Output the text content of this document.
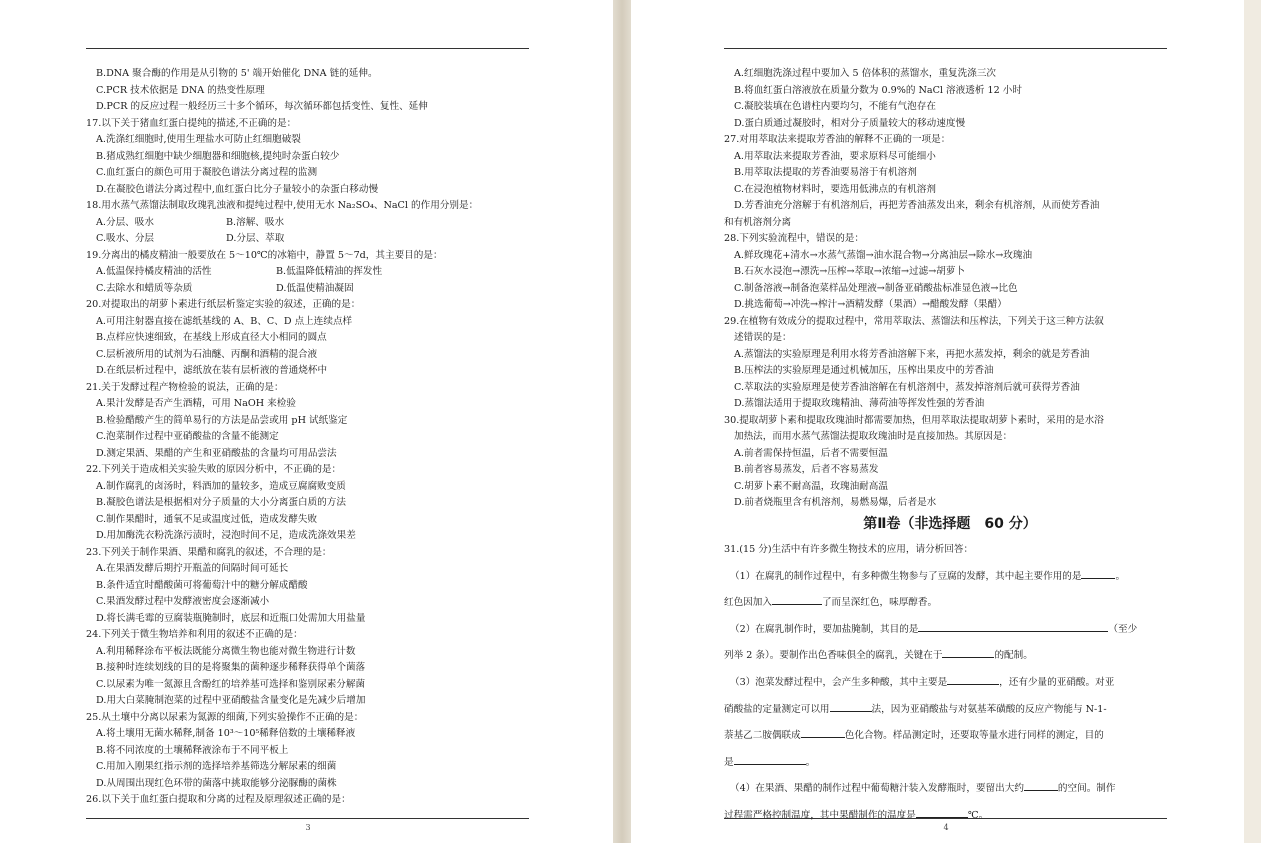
B.DNA 聚合酶的作用是从引物的 5' 端开始催化 DNA 链的延伸。
C.PCR 技术依据是 DNA 的热变性原理
D.PCR 的反应过程一般经历三十多个循环，每次循环都包括变性、复性、延伸
17.以下关于猪血红蛋白提纯的描述,不正确的是：
A.洗涤红细胞时,使用生理盐水可防止红细胞破裂
B.猪成熟红细胞中缺少细胞器和细胞核,提纯时杂蛋白较少
C.血红蛋白的颜色可用于凝胶色谱法分离过程的监测
D.在凝胶色谱法分离过程中,血红蛋白比分子量较小的杂蛋白移动慢
18.用水蒸气蒸馏法制取玫瑰乳浊液和提纯过程中,使用无水 Na₂SO₄、NaCl 的作用分别是：
A.分层、吸水	B.溶解、吸水
C.吸水、分层	D.分层、萃取
19.分离出的橘皮精油一般要放在 5～10℃的冰箱中，静置 5～7d，其主要目的是：
A.低温保持橘皮精油的活性	B.低温降低精油的挥发性
C.去除水和蜡质等杂质	D.低温使精油凝固
20.对提取出的胡萝卜素进行纸层析鉴定实验的叙述，正确的是：
A.可用注射器直接在滤纸基线的 A、B、C、D 点上连续点样
B.点样应快速细致，在基线上形成直径大小相同的圆点
C.层析液所用的试剂为石油醚、丙酮和酒精的混合液
D.在纸层析过程中，滤纸放在装有层析液的普通烧杯中
21.关于发酵过程产物检验的说法，正确的是：
A.果汁发酵是否产生酒精，可用 NaOH 来检验
B.检验醋酸产生的简单易行的方法是品尝或用 pH 试纸鉴定
C.泡菜制作过程中亚硝酸盐的含量不能测定
D.测定果酒、果醋的产生和亚硝酸盐的含量均可用品尝法
22.下列关于造成相关实验失败的原因分析中，不正确的是：
A.制作腐乳的卤汤时，料酒加的量较多，造成豆腐腐败变质
B.凝胶色谱法是根据相对分子质量的大小分离蛋白质的方法
C.制作果醋时，通氧不足或温度过低，造成发酵失败
D.用加酶洗衣粉洗涤污渍时，浸泡时间不足，造成洗涤效果差
23.下列关于制作果酒、果醋和腐乳的叙述，不合理的是：
A.在果酒发酵后期拧开瓶盖的间隔时间可延长
B.条件适宜时醋酸菌可将葡萄汁中的糖分解成醋酸
C.果酒发酵过程中发酵液密度会逐渐减小
D.将长满毛霉的豆腐装瓶腌制时，底层和近瓶口处需加大用盐量
24.下列关于微生物培养和利用的叙述不正确的是：
A.利用稀释涂布平板法既能分离微生物也能对微生物进行计数
B.接种时连续划线的目的是将聚集的菌种逐步稀释获得单个菌落
C.以尿素为唯一氮源且含酚红的培养基可选择和鉴别尿素分解菌
D.用大白菜腌制泡菜的过程中亚硝酸盐含量变化是先减少后增加
25.从土壤中分离以尿素为氮源的细菌,下列实验操作不正确的是：
A.将土壤用无菌水稀释,制备 10³～10⁵稀释倍数的土壤稀释液
B.将不同浓度的土壤稀释液涂布于不同平板上
C.用加入刚果红指示剂的选择培养基筛选分解尿素的细菌
D.从周围出现红色环带的菌落中挑取能够分泌脲酶的菌株
26.以下关于血红蛋白提取和分离的过程及原理叙述正确的是：
3
A.红细胞洗涤过程中要加入 5 倍体积的蒸馏水，重复洗涤三次
B.将血红蛋白溶液放在质量分数为 0.9%的 NaCl 溶液透析 12 小时
C.凝胶装填在色谱柱内要均匀，不能有气泡存在
D.蛋白质通过凝胶时，相对分子质量较大的移动速度慢
27.对用萃取法来提取芳香油的解释不正确的一项是：
A.用萃取法来提取芳香油，要求原料尽可能细小
B.用萃取法提取的芳香油要易溶于有机溶剂
C.在浸泡植物材料时，要选用低沸点的有机溶剂
D.芳香油充分溶解于有机溶剂后，再把芳香油蒸发出来，剩余有机溶剂，从而使芳香油
和有机溶剂分离
28.下列实验流程中，错误的是：
A.鲜玫瑰花+清水→水蒸气蒸馏→油水混合物→分离油层→除水→玫瑰油
B.石灰水浸泡→漂洗→压榨→萃取→浓缩→过滤→胡萝卜
C.制备溶液→制备泡菜样品处理液→制备亚硝酸盐标准显色液→比色
D.挑选葡萄→冲洗→榨汁→酒精发酵（果酒）→醋酸发酵（果醋）
29.在植物有效成分的提取过程中，常用萃取法、蒸馏法和压榨法，下列关于这三种方法叙
述错误的是：
A.蒸馏法的实验原理是利用水将芳香油溶解下来，再把水蒸发掉，剩余的就是芳香油
B.压榨法的实验原理是通过机械加压，压榨出果皮中的芳香油
C.萃取法的实验原理是使芳香油溶解在有机溶剂中，蒸发掉溶剂后就可获得芳香油
D.蒸馏法适用于提取玫瑰精油、薄荷油等挥发性强的芳香油
30.提取胡萝卜素和提取玫瑰油时都需要加热，但用萃取法提取胡萝卜素时，采用的是水浴
加热法，而用水蒸气蒸馏法提取玫瑰油时是直接加热。其原因是：
A.前者需保持恒温，后者不需要恒温
B.前者容易蒸发，后者不容易蒸发
C.胡萝卜素不耐高温，玫瑰油耐高温
D.前者烧瓶里含有机溶剂，易燃易爆，后者是水
第Ⅱ卷（非选择题　60 分）
31.(15 分)生活中有许多微生物技术的应用，请分析回答：
（1）在腐乳的制作过程中，有多种微生物参与了豆腐的发酵，其中起主要作用的是	。
红色因加入	了而呈深红色，味厚醇香。
（2）在腐乳制作时，要加盐腌制，其目的是	（至少
列举 2 条）。要制作出色香味俱全的腐乳，关键在于	的配制。
（3）泡菜发酵过程中，会产生多种酸，其中主要是	，还有少量的亚硝酸。对亚
硝酸盐的定量测定可以用	法，因为亚硝酸盐与对氨基苯磺酸的反应产物能与 N-1-
萘基乙二胺偶联成	色化合物。样品测定时，还要取等量水进行同样的测定，目的
是	。
（4）在果酒、果醋的制作过程中葡萄糖汁装入发酵瓶时，要留出大约	的空间。制作
过程需严格控制温度，其中果醋制作的温度是	℃。
4
